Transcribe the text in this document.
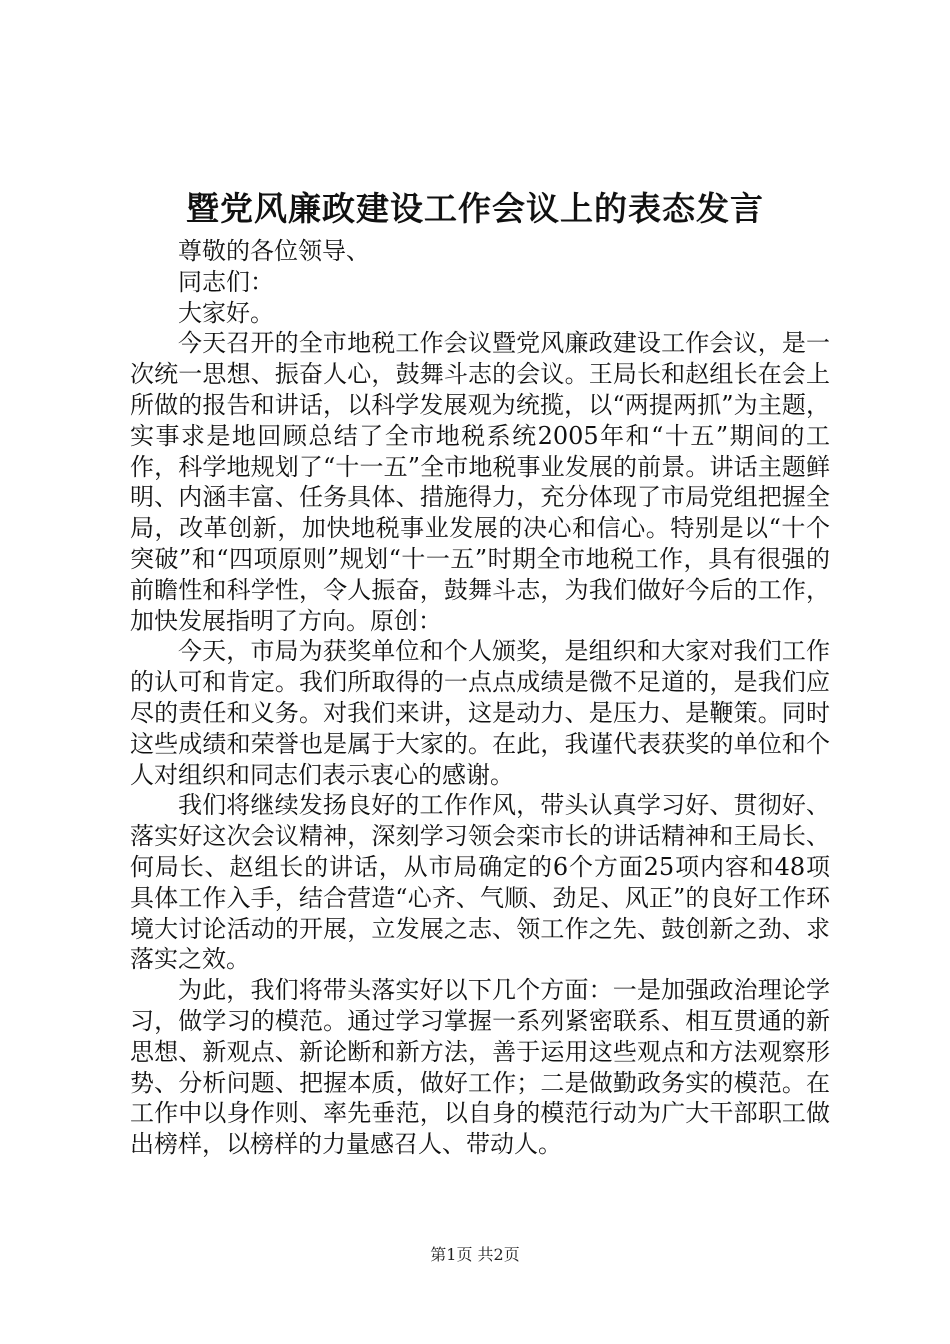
暨党风廉政建设工作会议上的表态发言

尊敬的各位领导、

同志们：

大家好。

今天召开的全市地税工作会议暨党风廉政建设工作会议，是一次统一思想、振奋人心，鼓舞斗志的会议。王局长和赵组长在会上所做的报告和讲话，以科学发展观为统揽，以“两提两抓”为主题，实事求是地回顾总结了全市地税系统2005年和“十五”期间的工作，科学地规划了“十一五”全市地税事业发展的前景。讲话主题鲜明、内涵丰富、任务具体、措施得力，充分体现了市局党组把握全局，改革创新，加快地税事业发展的决心和信心。特别是以“十个突破”和“四项原则”规划“十一五”时期全市地税工作，具有很强的前瞻性和科学性，令人振奋，鼓舞斗志，为我们做好今后的工作，加快发展指明了方向。原创：

今天，市局为获奖单位和个人颁奖，是组织和大家对我们工作的认可和肯定。我们所取得的一点点成绩是微不足道的，是我们应尽的责任和义务。对我们来讲，这是动力、是压力、是鞭策。同时这些成绩和荣誉也是属于大家的。在此，我谨代表获奖的单位和个人对组织和同志们表示衷心的感谢。

我们将继续发扬良好的工作作风，带头认真学习好、贯彻好、落实好这次会议精神，深刻学习领会栾市长的讲话精神和王局长、何局长、赵组长的讲话，从市局确定的6个方面25项内容和48项具体工作入手，结合营造“心齐、气顺、劲足、风正”的良好工作环境大讨论活动的开展，立发展之志、领工作之先、鼓创新之劲、求落实之效。

为此，我们将带头落实好以下几个方面：一是加强政治理论学习，做学习的模范。通过学习掌握一系列紧密联系、相互贯通的新思想、新观点、新论断和新方法，善于运用这些观点和方法观察形势、分析问题、把握本质，做好工作；二是做勤政务实的模范。在工作中以身作则、率先垂范，以自身的模范行动为广大干部职工做出榜样，以榜样的力量感召人、带动人。

第1页 共2页
